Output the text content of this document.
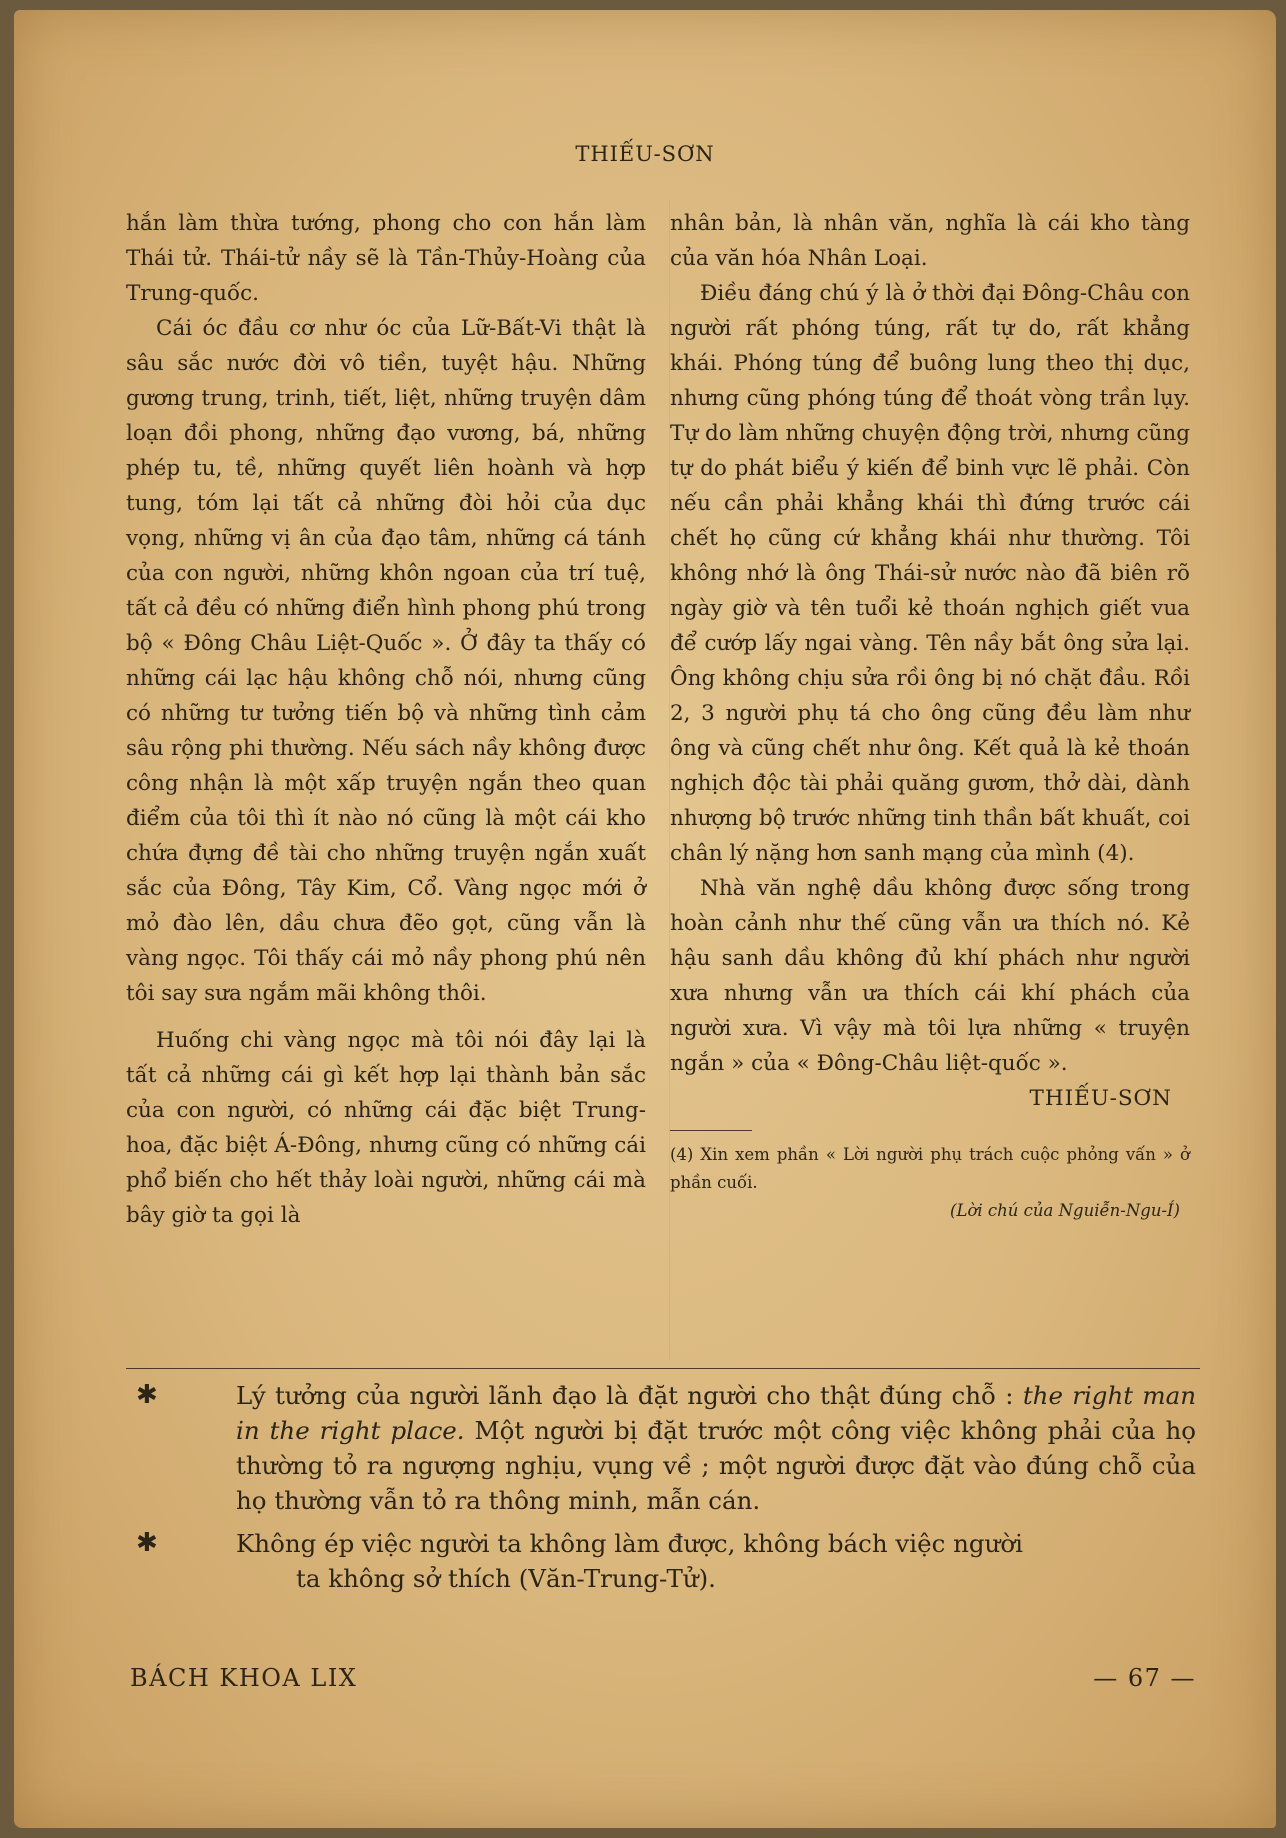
THIẾU-SƠN

hắn làm thừa tướng, phong cho con hắn làm Thái tử. Thái-tử nầy sẽ là Tần-Thủy-Hoàng của Trung-quốc.

Cái óc đầu cơ như óc của Lữ-Bất-Vi thật là sâu sắc nước đời vô tiền, tuyệt hậu. Những gương trung, trinh, tiết, liệt, những truyện dâm loạn đồi phong, những đạo vương, bá, những phép tu, tề, những quyết liên hoành và hợp tung, tóm lại tất cả những đòi hỏi của dục vọng, những vị ân của đạo tâm, những cá tánh của con người, những khôn ngoan của trí tuệ, tất cả đều có những điển hình phong phú trong bộ « Đông Châu Liệt-Quốc ». Ở đây ta thấy có những cái lạc hậu không chỗ nói, nhưng cũng có những tư tưởng tiến bộ và những tình cảm sâu rộng phi thường. Nếu sách nầy không được công nhận là một xấp truyện ngắn theo quan điểm của tôi thì ít nào nó cũng là một cái kho chứa đựng đề tài cho những truyện ngắn xuất sắc của Đông, Tây Kim, Cổ. Vàng ngọc mới ở mỏ đào lên, dầu chưa đẽo gọt, cũng vẫn là vàng ngọc. Tôi thấy cái mỏ nầy phong phú nên tôi say sưa ngắm mãi không thôi.

Huống chi vàng ngọc mà tôi nói đây lại là tất cả những cái gì kết hợp lại thành bản sắc của con người, có những cái đặc biệt Trung-hoa, đặc biệt Á-Đông, nhưng cũng có những cái phổ biến cho hết thảy loài người, những cái mà bây giờ ta gọi là

nhân bản, là nhân văn, nghĩa là cái kho tàng của văn hóa Nhân Loại.

Điều đáng chú ý là ở thời đại Đông-Châu con người rất phóng túng, rất tự do, rất khẳng khái. Phóng túng để buông lung theo thị dục, nhưng cũng phóng túng để thoát vòng trần lụy. Tự do làm những chuyện động trời, nhưng cũng tự do phát biểu ý kiến để binh vực lẽ phải. Còn nếu cần phải khẳng khái thì đứng trước cái chết họ cũng cứ khẳng khái như thường. Tôi không nhớ là ông Thái-sử nước nào đã biên rõ ngày giờ và tên tuổi kẻ thoán nghịch giết vua để cướp lấy ngai vàng. Tên nầy bắt ông sửa lại. Ông không chịu sửa rồi ông bị nó chặt đầu. Rồi 2, 3 người phụ tá cho ông cũng đều làm như ông và cũng chết như ông. Kết quả là kẻ thoán nghịch độc tài phải quăng gươm, thở dài, dành nhượng bộ trước những tinh thần bất khuất, coi chân lý nặng hơn sanh mạng của mình (4).

Nhà văn nghệ dầu không được sống trong hoàn cảnh như thế cũng vẫn ưa thích nó. Kẻ hậu sanh dầu không đủ khí phách như người xưa nhưng vẫn ưa thích cái khí phách của người xưa. Vì vậy mà tôi lựa những « truyện ngắn » của « Đông-Châu liệt-quốc ».

THIẾU-SƠN

(4) Xin xem phần « Lời người phụ trách cuộc phỏng vấn » ở phần cuối.
(Lời chú của Nguiễn-Ngu-Í)

✱	Lý tưởng của người lãnh đạo là đặt người cho thật đúng chỗ : the right man in the right place. Một người bị đặt trước một công việc không phải của họ thường tỏ ra ngượng nghịu, vụng về ; một người được đặt vào đúng chỗ của họ thường vẫn tỏ ra thông minh, mẫn cán.

✱	Không ép việc người ta không làm được, không bách việc người
ta không sở thích (Văn-Trung-Tử).

BÁCH KHOA LIX	— 67 —
